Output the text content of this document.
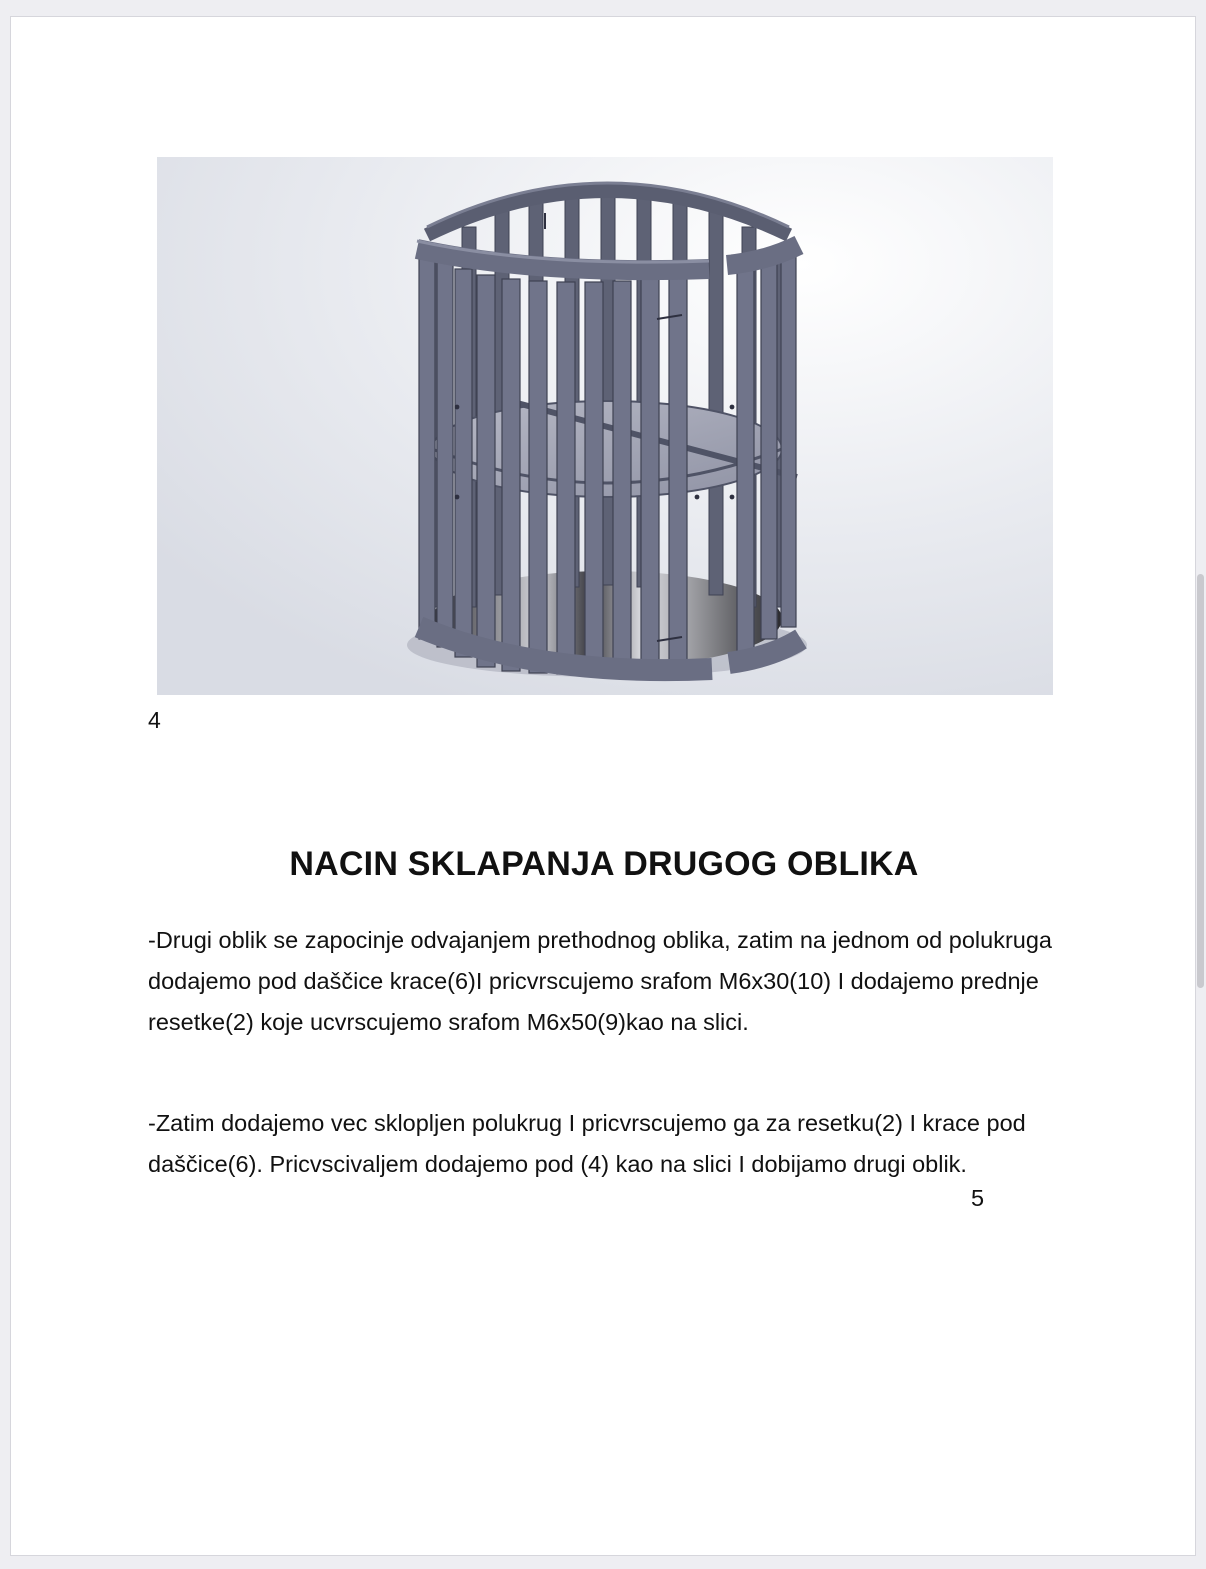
4
NACIN SKLAPANJA DRUGOG OBLIKA

-Drugi oblik se zapocinje odvajanjem prethodnog oblika, zatim na jednom od polukruga dodajemo pod daščice krace(6)I pricvrscujemo srafom M6x30(10) I dodajemo prednje resetke(2) koje ucvrscujemo srafom M6x50(9)kao na slici.

-Zatim dodajemo vec sklopljen polukrug I pricvrscujemo ga za resetku(2) I krace pod daščice(6). Pricvscivaljem dodajemo pod (4) kao na slici I dobijamo drugi oblik.

5
